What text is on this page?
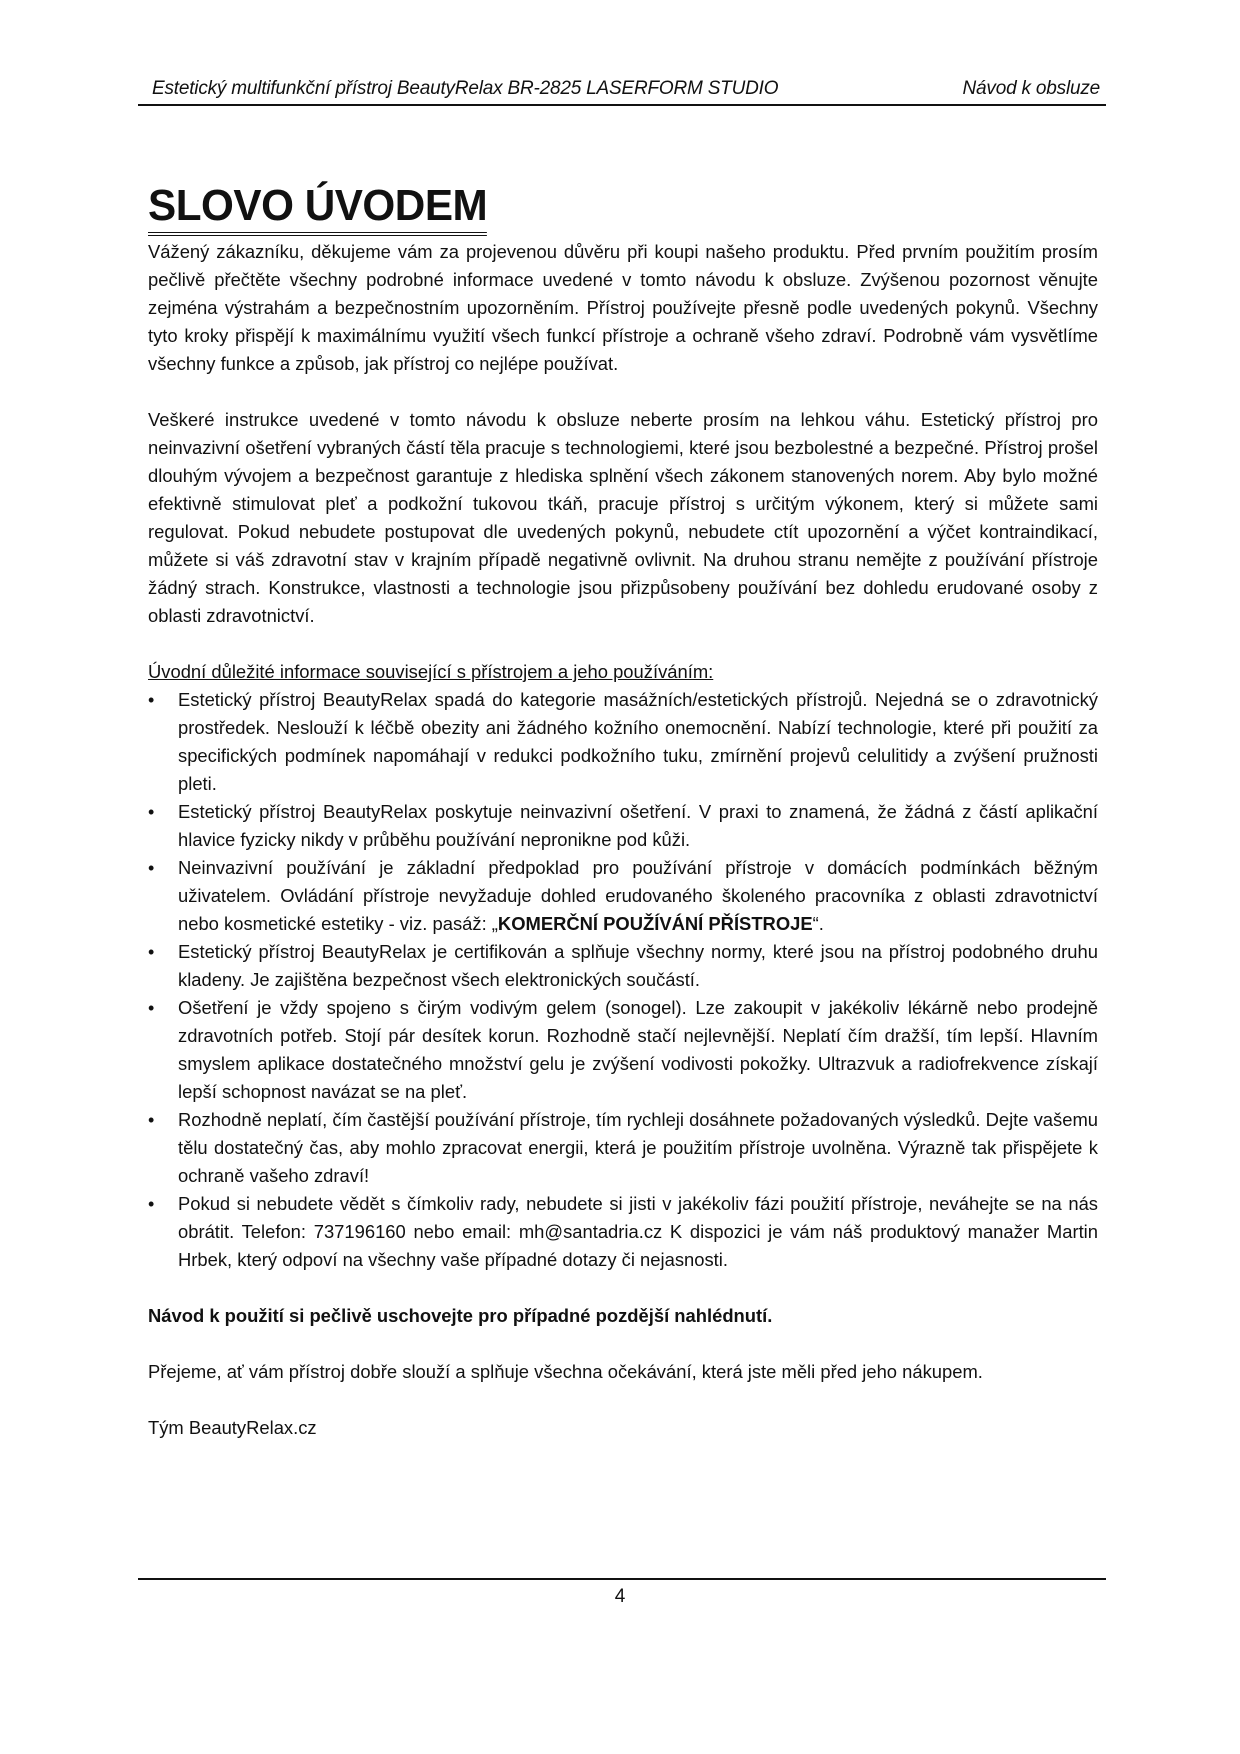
Estetický multifunkční přístroj BeautyRelax BR-2825 LASERFORM STUDIO	Návod k obsluze
SLOVO ÚVODEM

Vážený zákazníku, děkujeme vám za projevenou důvěru při koupi našeho produktu. Před prvním použitím prosím pečlivě přečtěte všechny podrobné informace uvedené v tomto návodu k obsluze. Zvýšenou pozornost věnujte zejména výstrahám a bezpečnostním upozorněním. Přístroj používejte přesně podle uvedených pokynů. Všechny tyto kroky přispějí k maximálnímu využití všech funkcí přístroje a ochraně všeho zdraví. Podrobně vám vysvětlíme všechny funkce a způsob, jak přístroj co nejlépe používat.

Veškeré instrukce uvedené v tomto návodu k obsluze neberte prosím na lehkou váhu. Estetický přístroj pro neinvazivní ošetření vybraných částí těla pracuje s technologiemi, které jsou bezbolestné a bezpečné. Přístroj prošel dlouhým vývojem a bezpečnost garantuje z hlediska splnění všech zákonem stanovených norem. Aby bylo možné efektivně stimulovat pleť a podkožní tukovou tkáň, pracuje přístroj s určitým výkonem, který si můžete sami regulovat. Pokud nebudete postupovat dle uvedených pokynů, nebudete ctít upozornění a výčet kontraindikací, můžete si váš zdravotní stav v krajním případě negativně ovlivnit. Na druhou stranu nemějte z používání přístroje žádný strach. Konstrukce, vlastnosti a technologie jsou přizpůsobeny používání bez dohledu erudované osoby z oblasti zdravotnictví.

Úvodní důležité informace související s přístrojem a jeho používáním:

•	Estetický přístroj BeautyRelax spadá do kategorie masážních/estetických přístrojů. Nejedná se o zdravotnický prostředek. Neslouží k léčbě obezity ani žádného kožního onemocnění. Nabízí technologie, které při použití za specifických podmínek napomáhají v redukci podkožního tuku, zmírnění projevů celulitidy a zvýšení pružnosti pleti.
•	Estetický přístroj BeautyRelax poskytuje neinvazivní ošetření. V praxi to znamená, že žádná z částí aplikační hlavice fyzicky nikdy v průběhu používání nepronikne pod kůži.
•	Neinvazivní používání je základní předpoklad pro používání přístroje v domácích podmínkách běžným uživatelem. Ovládání přístroje nevyžaduje dohled erudovaného školeného pracovníka z oblasti zdravotnictví nebo kosmetické estetiky - viz. pasáž: „KOMERČNÍ POUŽÍVÁNÍ PŘÍSTROJE“.
•	Estetický přístroj BeautyRelax je certifikován a splňuje všechny normy, které jsou na přístroj podobného druhu kladeny. Je zajištěna bezpečnost všech elektronických součástí.
•	Ošetření je vždy spojeno s čirým vodivým gelem (sonogel). Lze zakoupit v jakékoliv lékárně nebo prodejně zdravotních potřeb. Stojí pár desítek korun. Rozhodně stačí nejlevnější. Neplatí čím dražší, tím lepší. Hlavním smyslem aplikace dostatečného množství gelu je zvýšení vodivosti pokožky. Ultrazvuk a radiofrekvence získají lepší schopnost navázat se na pleť.
•	Rozhodně neplatí, čím častější používání přístroje, tím rychleji dosáhnete požadovaných výsledků. Dejte vašemu tělu dostatečný čas, aby mohlo zpracovat energii, která je použitím přístroje uvolněna. Výrazně tak přispějete k ochraně vašeho zdraví!
•	Pokud si nebudete vědět s čímkoliv rady, nebudete si jisti v jakékoliv fázi použití přístroje, neváhejte se na nás obrátit. Telefon: 737196160 nebo email: mh@santadria.cz K dispozici je vám náš produktový manažer Martin Hrbek, který odpoví na všechny vaše případné dotazy či nejasnosti.

Návod k použití si pečlivě uschovejte pro případné pozdější nahlédnutí.

Přejeme, ať vám přístroj dobře slouží a splňuje všechna očekávání, která jste měli před jeho nákupem.

Tým BeautyRelax.cz

4
